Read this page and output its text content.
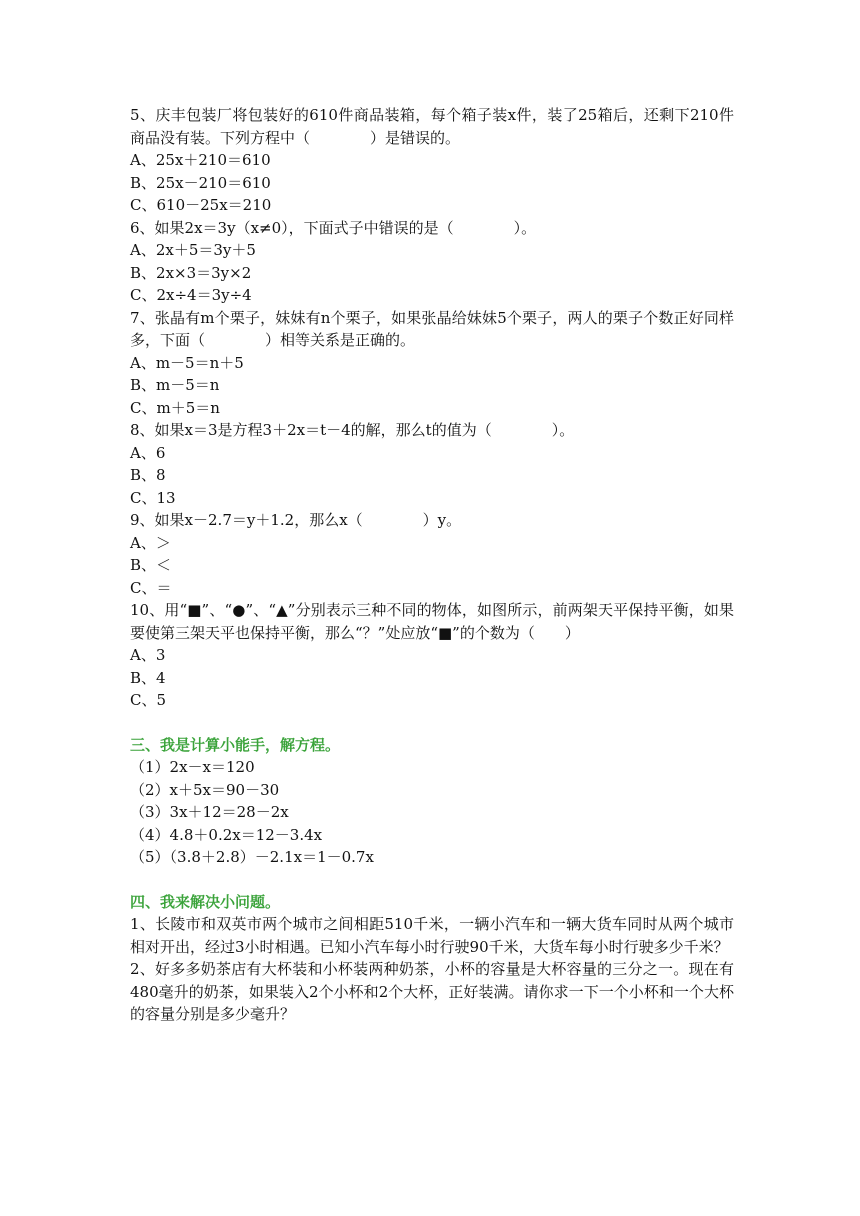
5、庆丰包装厂将包装好的610件商品装箱，每个箱子装x件，装了25箱后，还剩下210件商品没有装。下列方程中（　　　　）是错误的。
A、25x＋210＝610
B、25x－210＝610
C、610－25x＝210
6、如果2x＝3y（x≠0），下面式子中错误的是（　　　　）。
A、2x＋5＝3y＋5
B、2x×3＝3y×2
C、2x÷4＝3y÷4
7、张晶有m个栗子，妹妹有n个栗子，如果张晶给妹妹5个栗子，两人的栗子个数正好同样多，下面（　　　　）相等关系是正确的。
A、m－5＝n＋5
B、m－5＝n
C、m＋5＝n
8、如果x＝3是方程3＋2x＝t－4的解，那么t的值为（　　　　）。
A、6
B、8
C、13
9、如果x－2.7＝y＋1.2，那么x（　　　　）y。
A、＞
B、＜
C、＝
10、用“■”、“●”、“▲”分别表示三种不同的物体，如图所示，前两架天平保持平衡，如果要使第三架天平也保持平衡，那么“？”处应放“■”的个数为（　　）
A、3
B、4
C、5
三、我是计算小能手，解方程。
（1）2x－x＝120
（2）x＋5x＝90－30
（3）3x＋12＝28－2x
（4）4.8＋0.2x＝12－3.4x
（5）（3.8＋2.8）－2.1x＝1－0.7x
四、我来解决小问题。
1、长陵市和双英市两个城市之间相距510千米，一辆小汽车和一辆大货车同时从两个城市相对开出，经过3小时相遇。已知小汽车每小时行驶90千米，大货车每小时行驶多少千米？
2、好多多奶茶店有大杯装和小杯装两种奶茶，小杯的容量是大杯容量的三分之一。现在有480毫升的奶茶，如果装入2个小杯和2个大杯，正好装满。请你求一下一个小杯和一个大杯的容量分别是多少毫升？
